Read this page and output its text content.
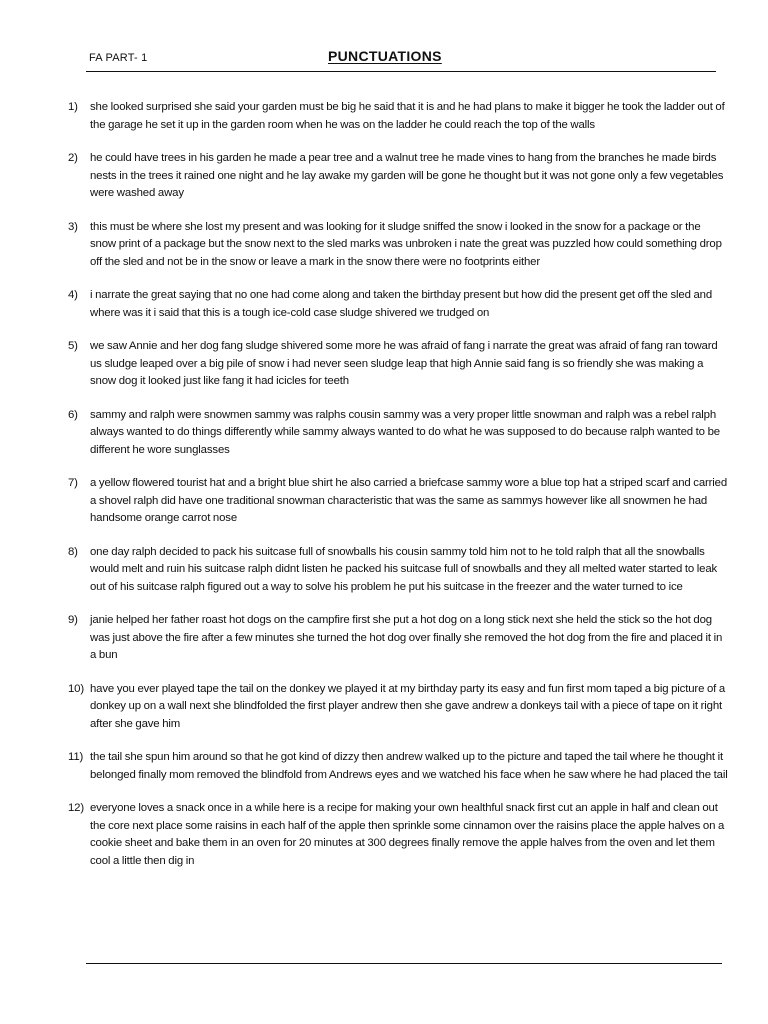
FA PART- 1	PUNCTUATIONS
1)	she looked surprised she said your garden must be big he said that it is and he had plans to make it bigger he took the ladder out of the garage he set it up in the garden room when he was on the ladder he could reach the top of the walls
2)	he could have trees in his garden he made a pear tree and a walnut tree he made vines to hang from the branches he made birds nests in the trees it rained one night and he lay awake my garden will be gone he thought but it was not gone only a few vegetables were washed away
3)	this must be where she lost my present and was looking for it sludge sniffed the snow i looked in the snow for a package or the snow print of a package but the snow next to the sled marks was unbroken i nate the great was puzzled how could something drop off the sled and not be in the snow or leave a mark in the snow there were no footprints either
4)	i narrate the great saying that no one had come along and taken the birthday present but how did the present get off the sled and where was it i said that this is a tough ice-cold case sludge shivered we trudged on
5)	we saw Annie and her dog fang sludge shivered some more he was afraid of fang i narrate the great was afraid of fang ran toward us sludge leaped over a big pile of snow i had never seen sludge leap that high Annie said fang is so friendly she was making a snow dog it looked just like fang it had icicles for teeth
6)	sammy and ralph were snowmen sammy was ralphs cousin sammy was a very proper little snowman and ralph was a rebel ralph always wanted to do things differently while sammy always wanted to do what he was supposed to do because ralph wanted to be different he wore sunglasses
7)	a yellow flowered tourist hat and a bright blue shirt he also carried a briefcase sammy wore a blue top hat a striped scarf and carried a shovel ralph did have one traditional snowman characteristic that was the same as sammys however like all snowmen he had handsome orange carrot nose
8)	one day ralph decided to pack his suitcase full of snowballs his cousin sammy told him not to he told ralph that all the snowballs would melt and ruin his suitcase ralph didnt listen he packed his suitcase full of snowballs and they all melted water started to leak out of his suitcase ralph figured out a way to solve his problem he put his suitcase in the freezer and the water turned to ice
9)	janie helped her father roast hot dogs on the campfire first she put a hot dog on a long stick next she held the stick so the hot dog was just above the fire after a few minutes she turned the hot dog over finally she removed the hot dog from the fire and placed it in a bun
10) have you ever played tape the tail on the donkey we played it at my birthday party its easy and fun first mom taped a big picture of a donkey up on a wall next she blindfolded the first player andrew then she gave andrew a donkeys tail with a piece of tape on it right after she gave him
11) the tail she spun him around so that he got kind of dizzy then andrew walked up to the picture and taped the tail where he thought it belonged finally mom removed the blindfold from Andrews eyes and we watched his face when he saw where he had placed the tail
12) everyone loves a snack once in a while here is a recipe for making your own healthful snack first cut an apple in half and clean out the core next place some raisins in each half of the apple then sprinkle some cinnamon over the raisins place the apple halves on a cookie sheet and bake them in an oven for 20 minutes at 300 degrees finally remove the apple halves from the oven and let them cool a little then dig in
